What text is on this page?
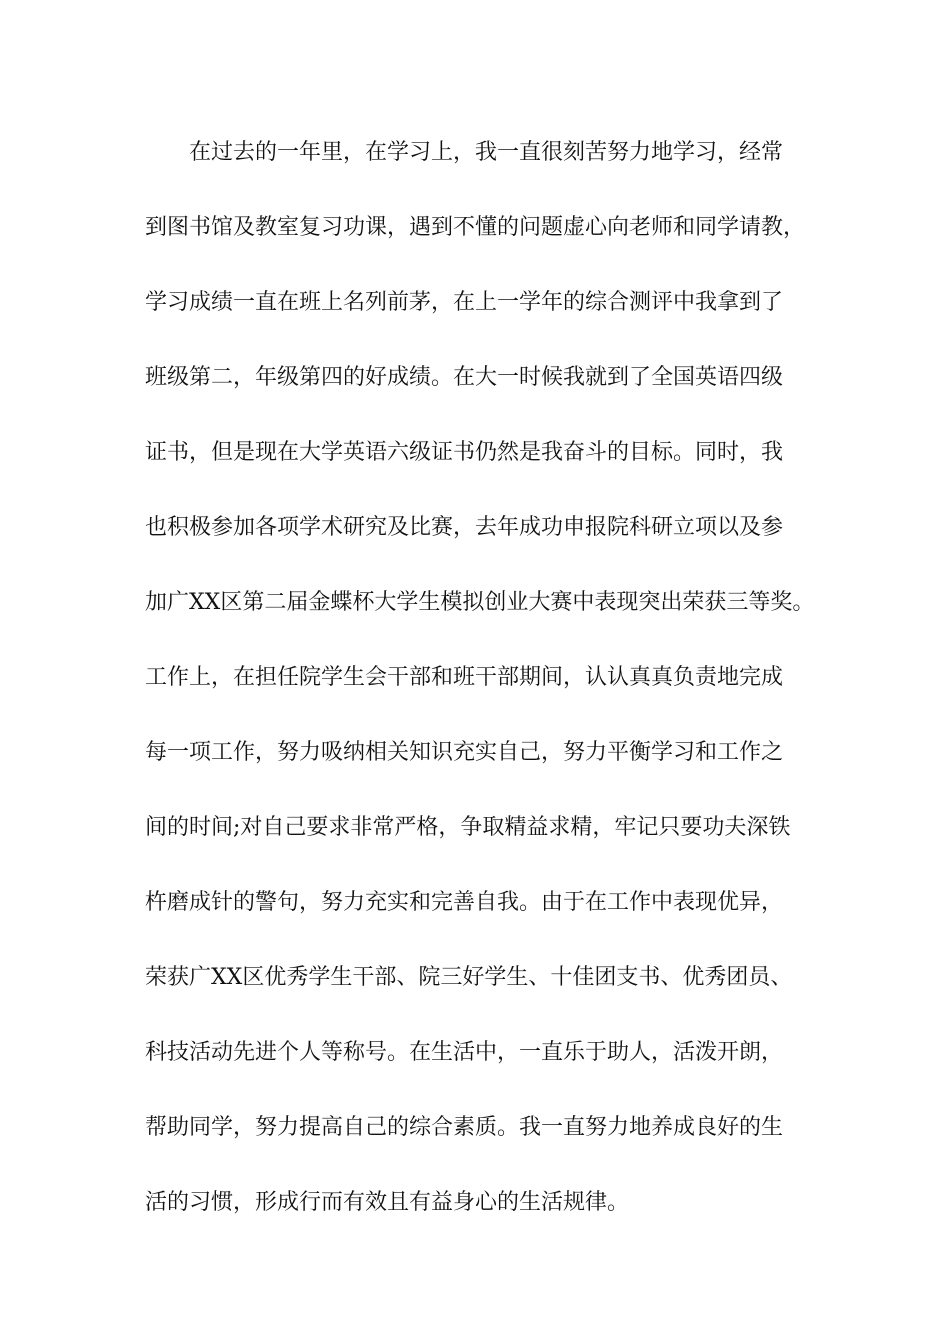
在过去的一年里，在学习上，我一直很刻苦努力地学习，经常
到图书馆及教室复习功课，遇到不懂的问题虚心向老师和同学请教，
学习成绩一直在班上名列前茅，在上一学年的综合测评中我拿到了
班级第二，年级第四的好成绩。在大一时候我就到了全国英语四级
证书，但是现在大学英语六级证书仍然是我奋斗的目标。同时，我
也积极参加各项学术研究及比赛，去年成功申报院科研立项以及参
加广XX区第二届金蝶杯大学生模拟创业大赛中表现突出荣获三等奖。
工作上，在担任院学生会干部和班干部期间，认认真真负责地完成
每一项工作，努力吸纳相关知识充实自己，努力平衡学习和工作之
间的时间;对自己要求非常严格，争取精益求精，牢记只要功夫深铁
杵磨成针的警句，努力充实和完善自我。由于在工作中表现优异，
荣获广XX区优秀学生干部、院三好学生、十佳团支书、优秀团员、
科技活动先进个人等称号。在生活中，一直乐于助人，活泼开朗，
帮助同学，努力提高自己的综合素质。我一直努力地养成良好的生
活的习惯，形成行而有效且有益身心的生活规律。
